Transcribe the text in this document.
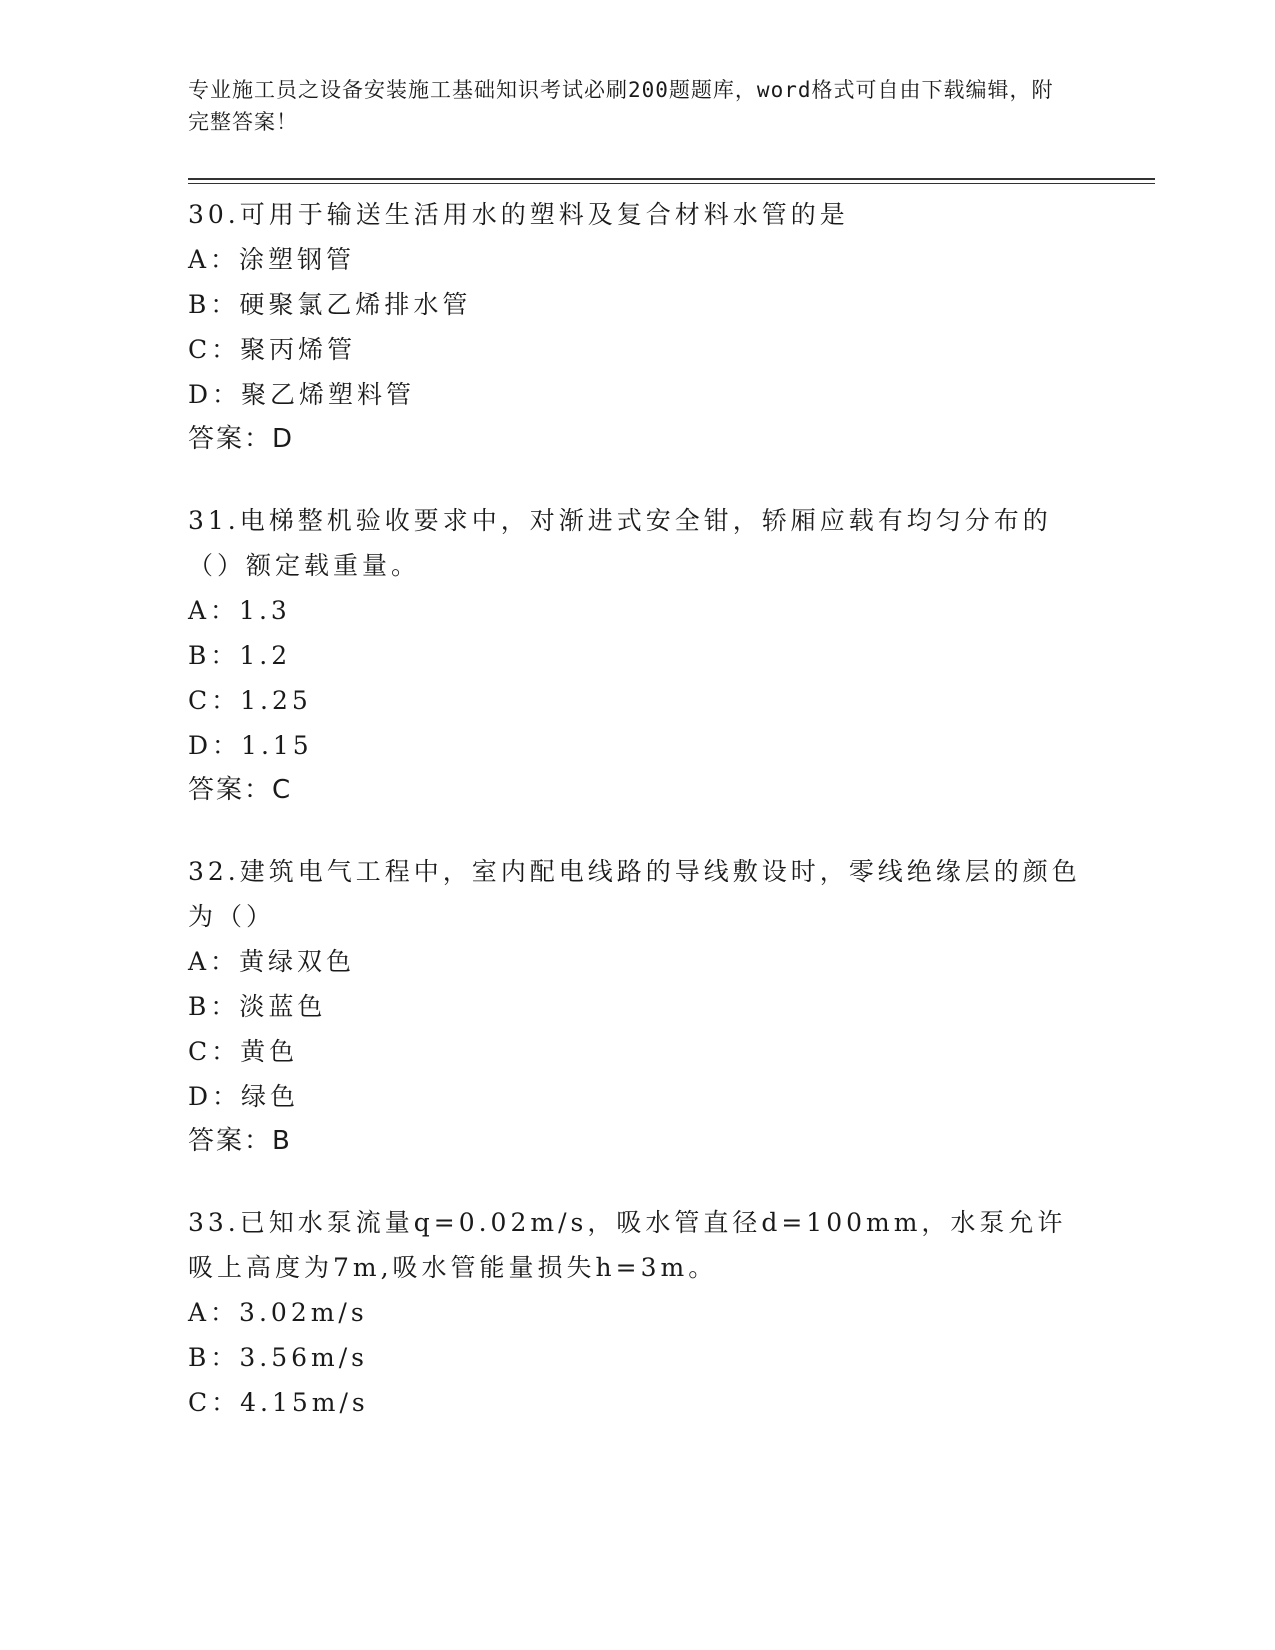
专业施工员之设备安装施工基础知识考试必刷200题题库，word格式可自由下载编辑，附完整答案！
30.可用于输送生活用水的塑料及复合材料水管的是
A：涂塑钢管
B：硬聚氯乙烯排水管
C：聚丙烯管
D：聚乙烯塑料管
答案：D
31.电梯整机验收要求中，对渐进式安全钳，轿厢应载有均匀分布的（）额定载重量。
A：1.3
B：1.2
C：1.25
D：1.15
答案：C
32.建筑电气工程中，室内配电线路的导线敷设时，零线绝缘层的颜色为（）
A：黄绿双色
B：淡蓝色
C：黄色
D：绿色
答案：B
33.已知水泵流量q=0.02m/s，吸水管直径d=100mm，水泵允许吸上高度为7m,吸水管能量损失h=3m。
A：3.02m/s
B：3.56m/s
C：4.15m/s
